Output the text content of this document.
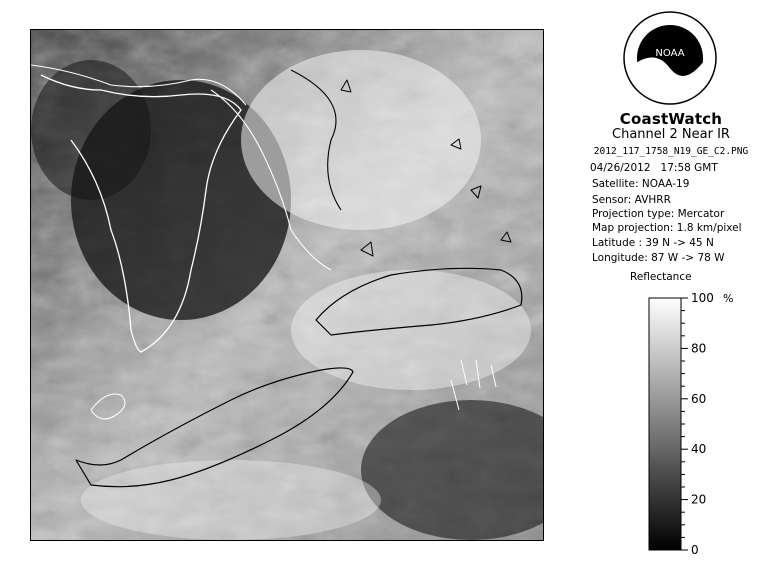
NOAA
CoastWatch
Channel 2 Near IR
2012_117_1758_N19_GE_C2.PNG
04/26/2012 17:58 GMT
Satellite: NOAA-19
Sensor: AVHRR
Projection type: Mercator
Map projection: 1.8 km/pixel
Latitude : 39 N -> 45 N
Longitude: 87 W -> 78 W
Reflectance
100
80
60
40
20
0
%
